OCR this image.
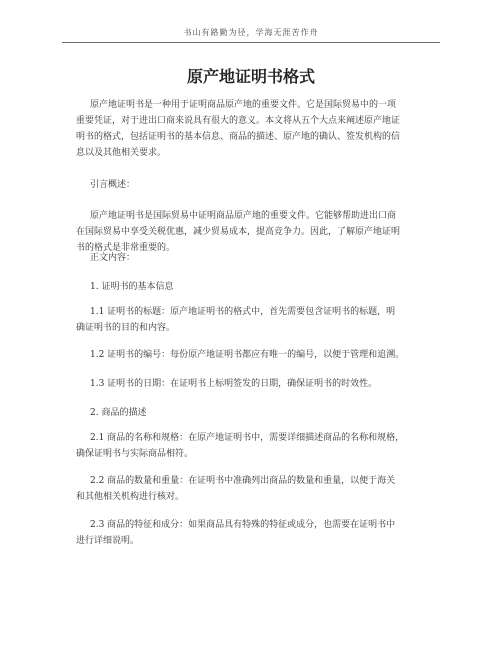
书山有路勤为径，学海无涯苦作舟
原产地证明书格式
原产地证明书是一种用于证明商品原产地的重要文件。它是国际贸易中的一项
重要凭证，对于进出口商来说具有很大的意义。本文将从五个大点来阐述原产地证
明书的格式，包括证明书的基本信息、商品的描述、原产地的确认、签发机构的信
息以及其他相关要求。
引言概述：
原产地证明书是国际贸易中证明商品原产地的重要文件。它能够帮助进出口商
在国际贸易中享受关税优惠，减少贸易成本，提高竞争力。因此，了解原产地证明
书的格式是非常重要的。
正文内容：
1. 证明书的基本信息
1.1 证明书的标题：原产地证明书的格式中，首先需要包含证明书的标题，明
确证明书的目的和内容。
1.2 证明书的编号：每份原产地证明书都应有唯一的编号，以便于管理和追溯。
1.3 证明书的日期：在证明书上标明签发的日期，确保证明书的时效性。
2. 商品的描述
2.1 商品的名称和规格：在原产地证明书中，需要详细描述商品的名称和规格，
确保证明书与实际商品相符。
2.2 商品的数量和重量：在证明书中准确列出商品的数量和重量，以便于海关
和其他相关机构进行核对。
2.3 商品的特征和成分：如果商品具有特殊的特征或成分，也需要在证明书中
进行详细说明。
